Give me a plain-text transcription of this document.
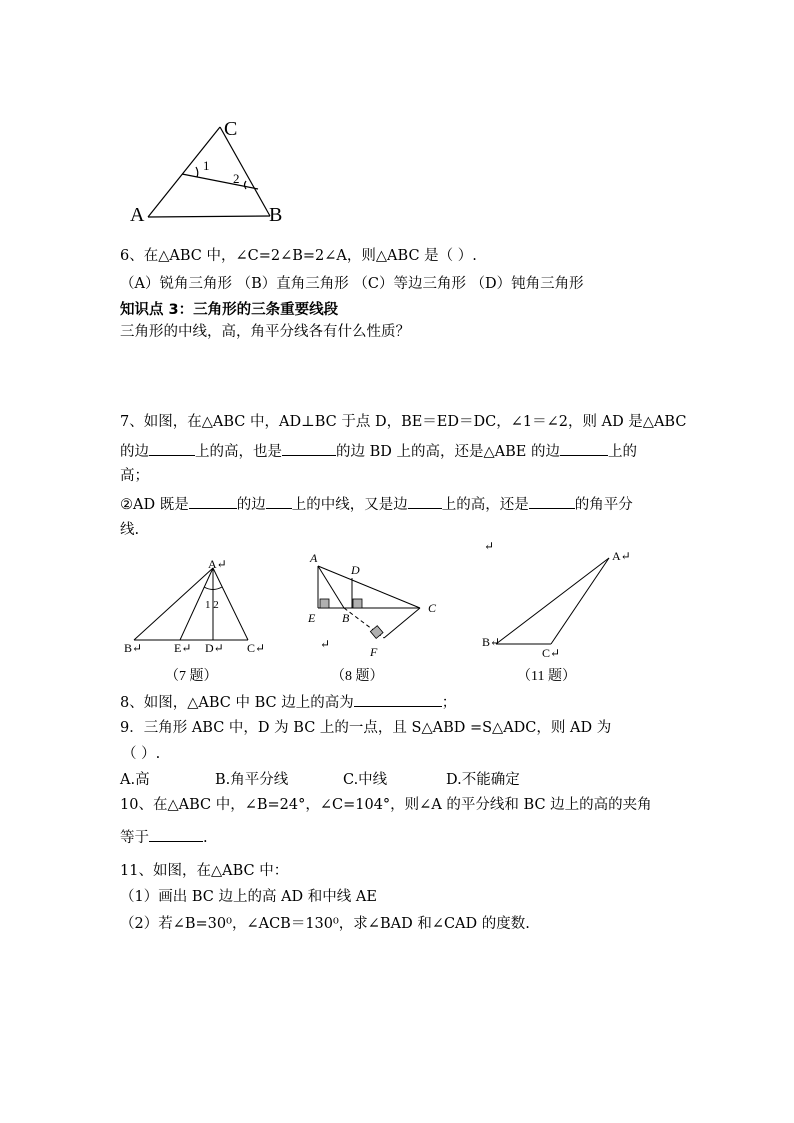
C
A	B
1
2
6、在△ABC 中，∠C=2∠B=2∠A，则△ABC 是（ ）.
（A）锐角三角形 （B）直角三角形 （C）等边三角形 （D）钝角三角形
知识点 3：三角形的三条重要线段
三角形的中线，高，角平分线各有什么性质？
7、如图，在△ABC 中，AD⊥BC 于点 D，BE＝ED＝DC，∠1＝∠2，则 AD 是△ABC
的边	上的高，也是	的边 BD 上的高，还是△ABE 的边	上的
高；
②AD 既是	的边 上的中线，又是边 上的高，还是	的角平分
线.
A↵
B↵	E↵ D↵ C↵
1 2
（7 题）
A
D
C
E B
F
↵
（8 题）
↵
A↵
B↵
C↵
（11 题）
8、如图，△ABC 中 BC 边上的高为	；
9．三角形 ABC 中，D 为 BC 上的一点，且 S△ABD =S△ADC，则 AD 为
（ ）.
A.高	B.角平分线	C.中线	D.不能确定
10、在△ABC 中，∠B=24°，∠C=104°，则∠A 的平分线和 BC 边上的高的夹角
等于	.
11、如图，在△ABC 中：
（1）画出 BC 边上的高 AD 和中线 AE
（2）若∠B=30⁰，∠ACB＝130⁰，求∠BAD 和∠CAD 的度数.
